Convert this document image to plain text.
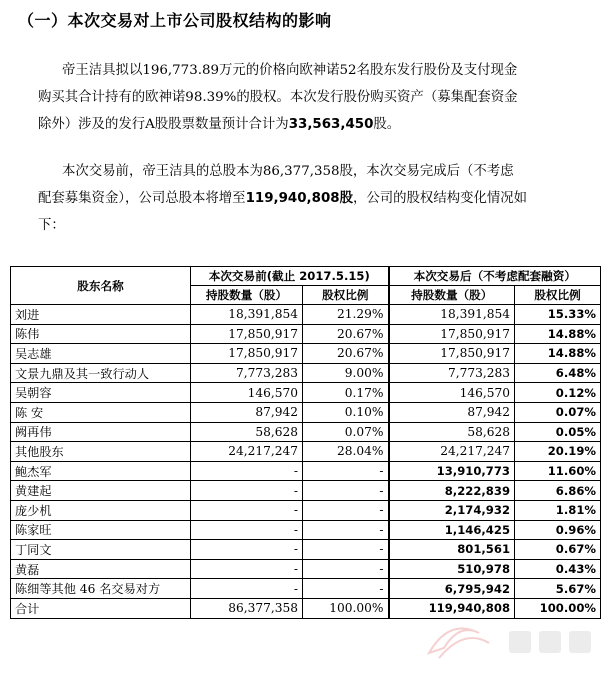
（一）本次交易对上市公司股权结构的影响
帝王洁具拟以196,773.89万元的价格向欧神诺52名股东发行股份及支付现金
购买其合计持有的欧神诺98.39%的股权。本次发行股份购买资产（募集配套资金
除外）涉及的发行A股股票数量预计合计为33,563,450股。
本次交易前，帝王洁具的总股本为86,377,358股，本次交易完成后（不考虑
配套募集资金），公司总股本将增至119,940,808股，公司的股权结构变化情况如
下：
股东名称	本次交易前(截止 2017.5.15)		本次交易后（不考虑配套融资）	
	持股数量（股）	股权比例	持股数量（股）	股权比例
刘进	18,391,854	21.29%	18,391,854	15.33%
陈伟	17,850,917	20.67%	17,850,917	14.88%
吴志雄	17,850,917	20.67%	17,850,917	14.88%
文景九鼎及其一致行动人	7,773,283	9.00%	7,773,283	6.48%
吴朝容	146,570	0.17%	146,570	0.12%
陈 安	87,942	0.10%	87,942	0.07%
阙再伟	58,628	0.07%	58,628	0.05%
其他股东	24,217,247	28.04%	24,217,247	20.19%
鲍杰军	-	-	13,910,773	11.60%
黄建起	-	-	8,222,839	6.86%
庞少机	-	-	2,174,932	1.81%
陈家旺	-	-	1,146,425	0.96%
丁同文	-	-	801,561	0.67%
黄磊	-	-	510,978	0.43%
陈细等其他 46 名交易对方	-	-	6,795,942	5.67%
合计	86,377,358	100.00%	119,940,808	100.00%
